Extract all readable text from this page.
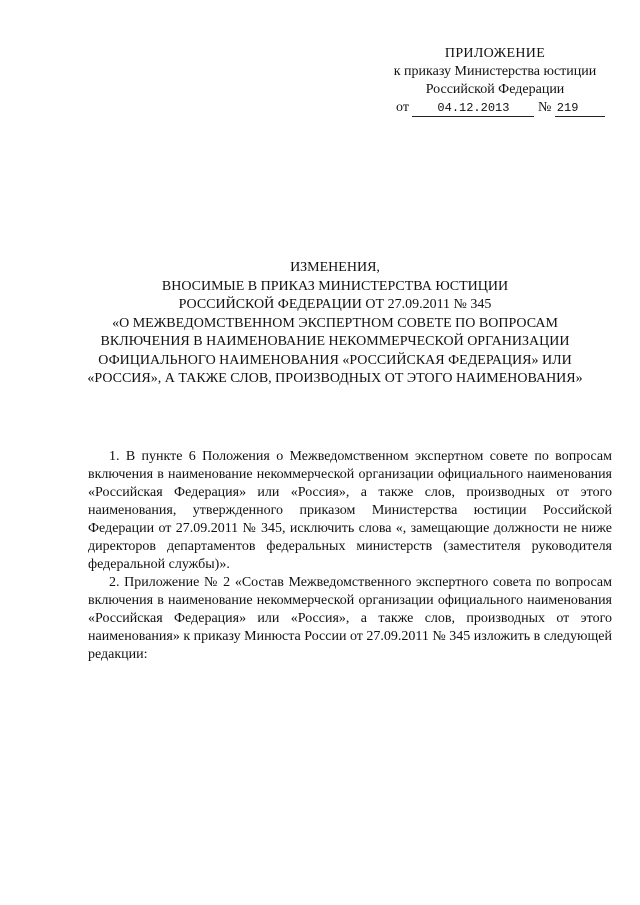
ПРИЛОЖЕНИЕ
к приказу Министерства юстиции
Российской Федерации
от 04.12.2013 № 219
ИЗМЕНЕНИЯ,
ВНОСИМЫЕ В ПРИКАЗ МИНИСТЕРСТВА ЮСТИЦИИ
РОССИЙСКОЙ ФЕДЕРАЦИИ ОТ 27.09.2011 № 345
«О МЕЖВЕДОМСТВЕННОМ ЭКСПЕРТНОМ СОВЕТЕ ПО ВОПРОСАМ
ВКЛЮЧЕНИЯ В НАИМЕНОВАНИЕ НЕКОММЕРЧЕСКОЙ ОРГАНИЗАЦИИ
ОФИЦИАЛЬНОГО НАИМЕНОВАНИЯ «РОССИЙСКАЯ ФЕДЕРАЦИЯ» ИЛИ
«РОССИЯ», А ТАКЖЕ СЛОВ, ПРОИЗВОДНЫХ ОТ ЭТОГО НАИМЕНОВАНИЯ»

1. В пункте 6 Положения о Межведомственном экспертном совете по вопросам включения в наименование некоммерческой организации официального наименования «Российская Федерация» или «Россия», а также слов, производных от этого наименования, утвержденного приказом Министерства юстиции Российской Федерации от 27.09.2011 № 345, исключить слова «, замещающие должности не ниже директоров департаментов федеральных министерств (заместителя руководителя федеральной службы)».

2. Приложение № 2 «Состав Межведомственного экспертного совета по вопросам включения в наименование некоммерческой организации официального наименования «Российская Федерация» или «Россия», а также слов, производных от этого наименования» к приказу Минюста России от 27.09.2011 № 345 изложить в следующей редакции:
